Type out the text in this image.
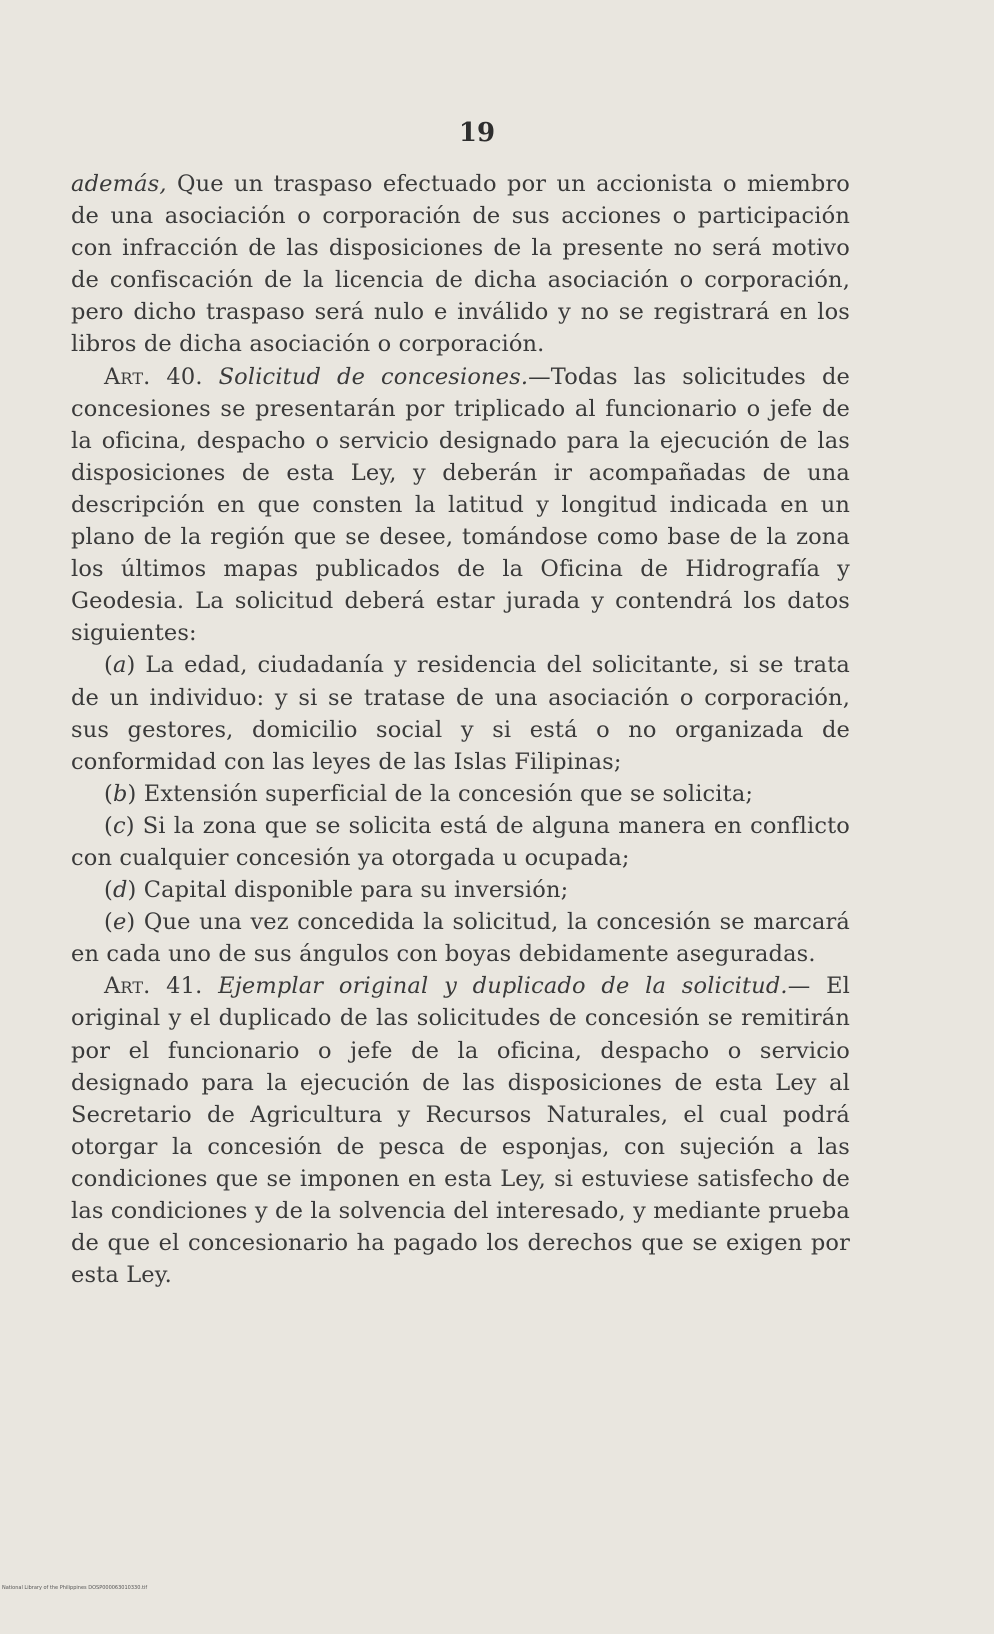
19

además, Que un traspaso efectuado por un accionista o miembro de una asociación o corporación de sus acciones o participación con infracción de las disposiciones de la presente no será motivo de confiscación de la licencia de dicha asociación o corporación, pero dicho traspaso será nulo e inválido y no se registrará en los libros de dicha asociación o corporación.

Art. 40. Solicitud de concesiones.—Todas las solicitudes de concesiones se presentarán por triplicado al funcionario o jefe de la oficina, despacho o servicio designado para la ejecución de las disposiciones de esta Ley, y deberán ir acompañadas de una descripción en que consten la latitud y longitud indicada en un plano de la región que se desee, tomándose como base de la zona los últimos mapas publicados de la Oficina de Hidrografía y Geodesia. La solicitud deberá estar jurada y contendrá los datos siguientes:

(a) La edad, ciudadanía y residencia del solicitante, si se trata de un individuo: y si se tratase de una asociación o corporación, sus gestores, domicilio social y si está o no organizada de conformidad con las leyes de las Islas Filipinas;

(b) Extensión superficial de la concesión que se solicita;

(c) Si la zona que se solicita está de alguna manera en conflicto con cualquier concesión ya otorgada u ocupada;

(d) Capital disponible para su inversión;

(e) Que una vez concedida la solicitud, la concesión se marcará en cada uno de sus ángulos con boyas debidamente aseguradas.

Art. 41. Ejemplar original y duplicado de la solicitud.— El original y el duplicado de las solicitudes de concesión se remitirán por el funcionario o jefe de la oficina, despacho o servicio designado para la ejecución de las disposiciones de esta Ley al Secretario de Agricultura y Recursos Naturales, el cual podrá otorgar la concesión de pesca de esponjas, con sujeción a las condiciones que se imponen en esta Ley, si estuviese satisfecho de las condiciones y de la solvencia del interesado, y mediante prueba de que el concesionario ha pagado los derechos que se exigen por esta Ley.

National Library of the Philippines DOSP000063010330.tif
